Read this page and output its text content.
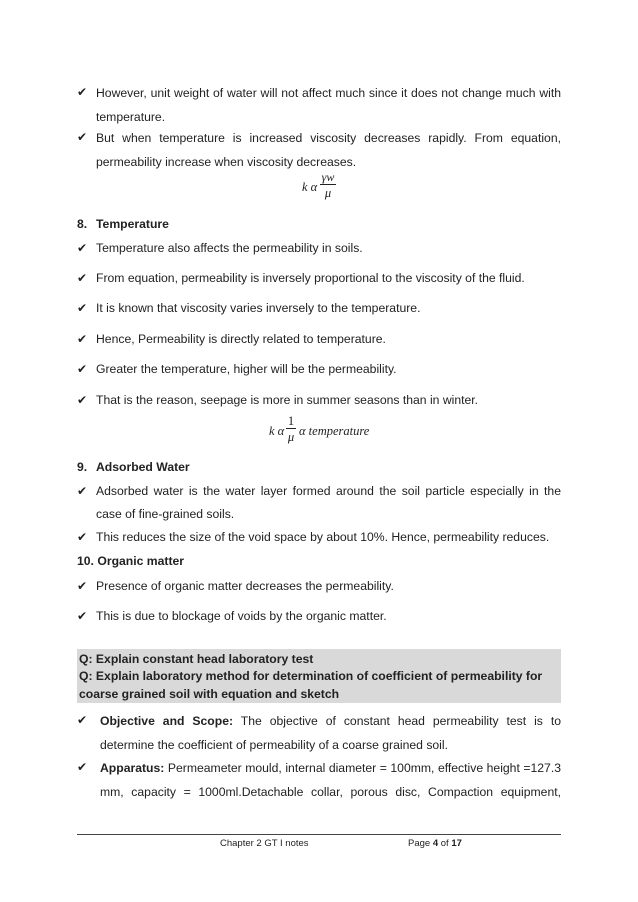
✔ However, unit weight of water will not affect much since it does not change much with temperature.
✔ But when temperature is increased viscosity decreases rapidly. From equation, permeability increase when viscosity decreases.
k α
γw
μ
8. Temperature
✔ Temperature also affects the permeability in soils.
✔ From equation, permeability is inversely proportional to the viscosity of the fluid.
✔ It is known that viscosity varies inversely to the temperature.
✔ Hence, Permeability is directly related to temperature.
✔ Greater the temperature, higher will be the permeability.
✔ That is the reason, seepage is more in summer seasons than in winter.
k α
1
μ α temperature
9. Adsorbed Water
✔ Adsorbed water is the water layer formed around the soil particle especially in the case of fine-grained soils.
✔ This reduces the size of the void space by about 10%. Hence, permeability reduces.
10. Organic matter
✔ Presence of organic matter decreases the permeability.
✔ This is due to blockage of voids by the organic matter.
Q: Explain constant head laboratory test
Q: Explain laboratory method for determination of coefficient of permeability for coarse grained soil with equation and sketch
✔	Objective and Scope: The objective of constant head permeability test is to determine the coefficient of permeability of a coarse grained soil.
✔	Apparatus: Permeameter mould, internal diameter = 100mm, effective height =127.3 mm, capacity = 1000ml.Detachable collar, porous disc, Compaction equipment,
Chapter 2 GT I notes	Page 4 of 17
